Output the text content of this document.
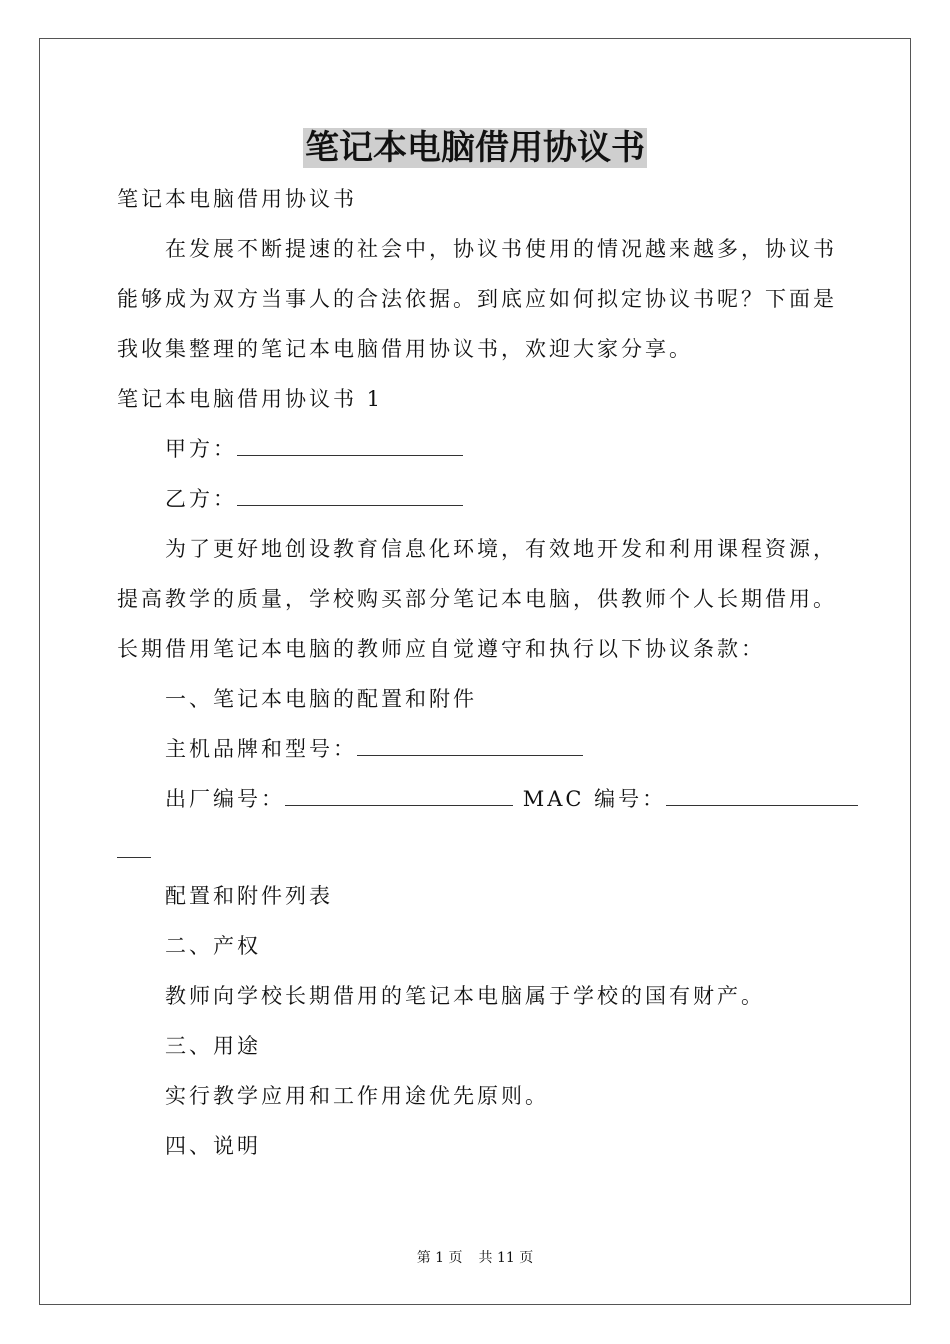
笔记本电脑借用协议书
笔记本电脑借用协议书
在发展不断提速的社会中，协议书使用的情况越来越多，协议书
能够成为双方当事人的合法依据。到底应如何拟定协议书呢？下面是
我收集整理的笔记本电脑借用协议书，欢迎大家分享。
笔记本电脑借用协议书 1
甲方：
乙方：
为了更好地创设教育信息化环境，有效地开发和利用课程资源，
提高教学的质量，学校购买部分笔记本电脑，供教师个人长期借用。
长期借用笔记本电脑的教师应自觉遵守和执行以下协议条款：
一、笔记本电脑的配置和附件
主机品牌和型号：
出厂编号：	MAC 编号：
配置和附件列表
二、产权
教师向学校长期借用的笔记本电脑属于学校的国有财产。
三、用途
实行教学应用和工作用途优先原则。
四、说明
第 1 页 共 11 页
